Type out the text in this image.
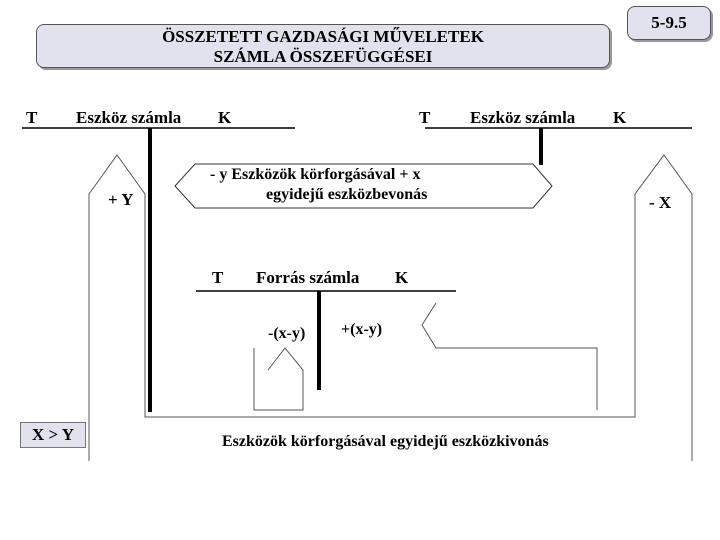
ÖSSZETETT GAZDASÁGI MŰVELETEK
SZÁMLA ÖSSZEFÜGGÉSEI
5-9.5
T Eszköz számla K
+ Y
T Eszköz számla K
- X
- y Eszközök körforgásával + x
egyidejű eszközbevonás
T Forrás számla K
-(x-y) +(x-y)
Eszközök körforgásával egyidejű eszközkivonás
X > Y
